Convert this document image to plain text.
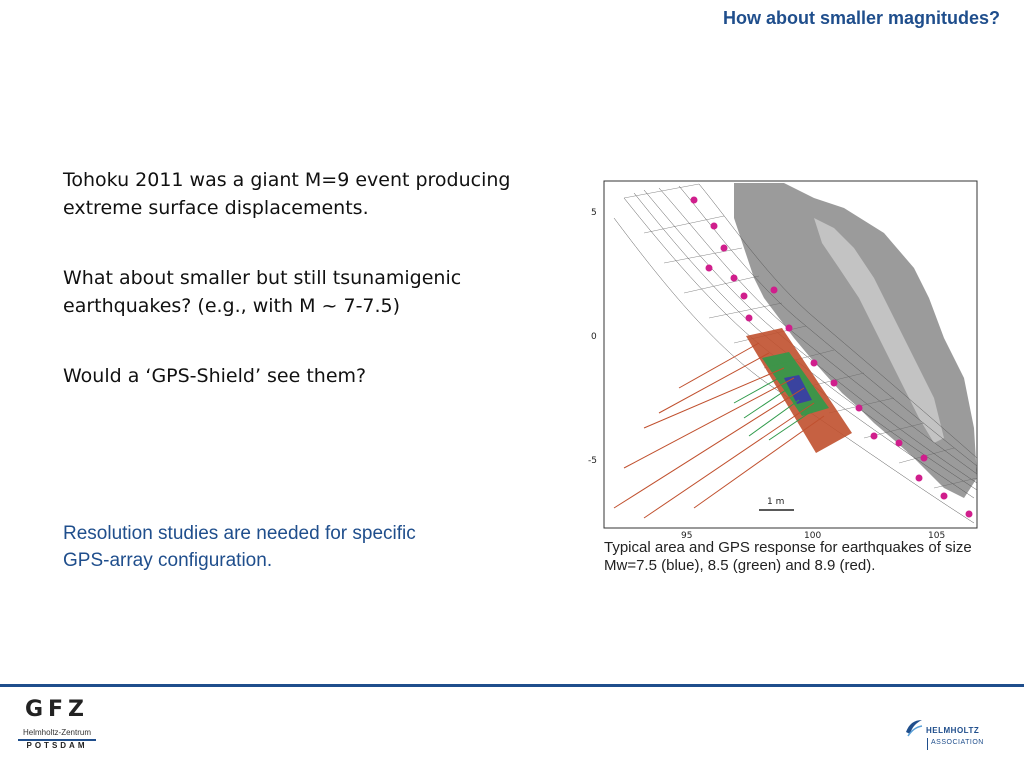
How about smaller magnitudes?

Tohoku 2011 was a giant M=9 event producing extreme surface displacements.

What about smaller but still tsunamigenic earthquakes? (e.g., with M ~ 7-7.5)

Would a ‘GPS-Shield’ see them?

Resolution studies are needed for specific GPS-array configuration.
5
0
-5
95	100	105
1 m
Typical area and GPS response for earthquakes of size Mw=7.5 (blue), 8.5 (green) and 8.9 (red).
GFZ
Helmholtz-Zentrum
POTSDAM
HELMHOLTZ
ASSOCIATION
